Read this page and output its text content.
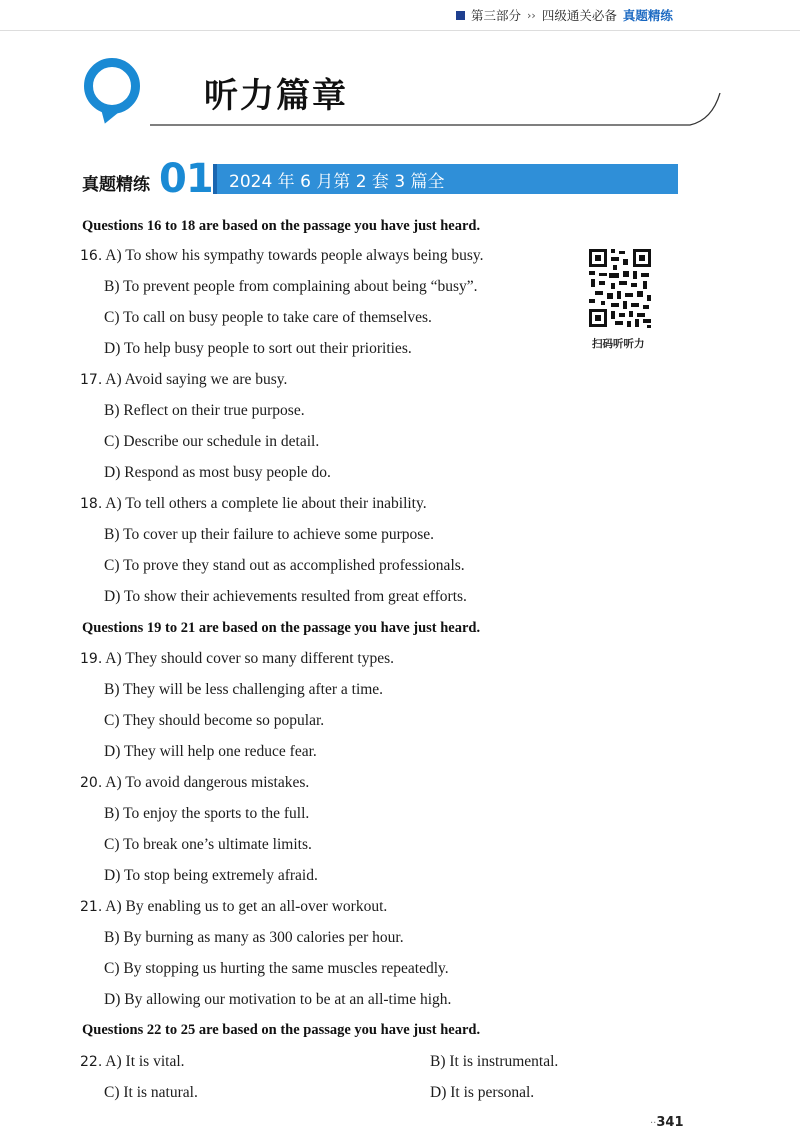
第三部分 ›› 四级通关必备 真题精练
听力篇章
真题精练 01 2024 年 6 月第 2 套 3 篇全
扫码听听力
Questions 16 to 18 are based on the passage you have just heard.
16. A) To show his sympathy towards people always being busy.
B) To prevent people from complaining about being “busy”.
C) To call on busy people to take care of themselves.
D) To help busy people to sort out their priorities.
17. A) Avoid saying we are busy.
B) Reflect on their true purpose.
C) Describe our schedule in detail.
D) Respond as most busy people do.
18. A) To tell others a complete lie about their inability.
B) To cover up their failure to achieve some purpose.
C) To prove they stand out as accomplished professionals.
D) To show their achievements resulted from great efforts.
Questions 19 to 21 are based on the passage you have just heard.
19. A) They should cover so many different types.
B) They will be less challenging after a time.
C) They should become so popular.
D) They will help one reduce fear.
20. A) To avoid dangerous mistakes.
B) To enjoy the sports to the full.
C) To break one’s ultimate limits.
D) To stop being extremely afraid.
21. A) By enabling us to get an all-over workout.
B) By burning as many as 300 calories per hour.
C) By stopping us hurting the same muscles repeatedly.
D) By allowing our motivation to be at an all-time high.
Questions 22 to 25 are based on the passage you have just heard.
22. A) It is vital.	B) It is instrumental.
C) It is natural.	D) It is personal.
··341
